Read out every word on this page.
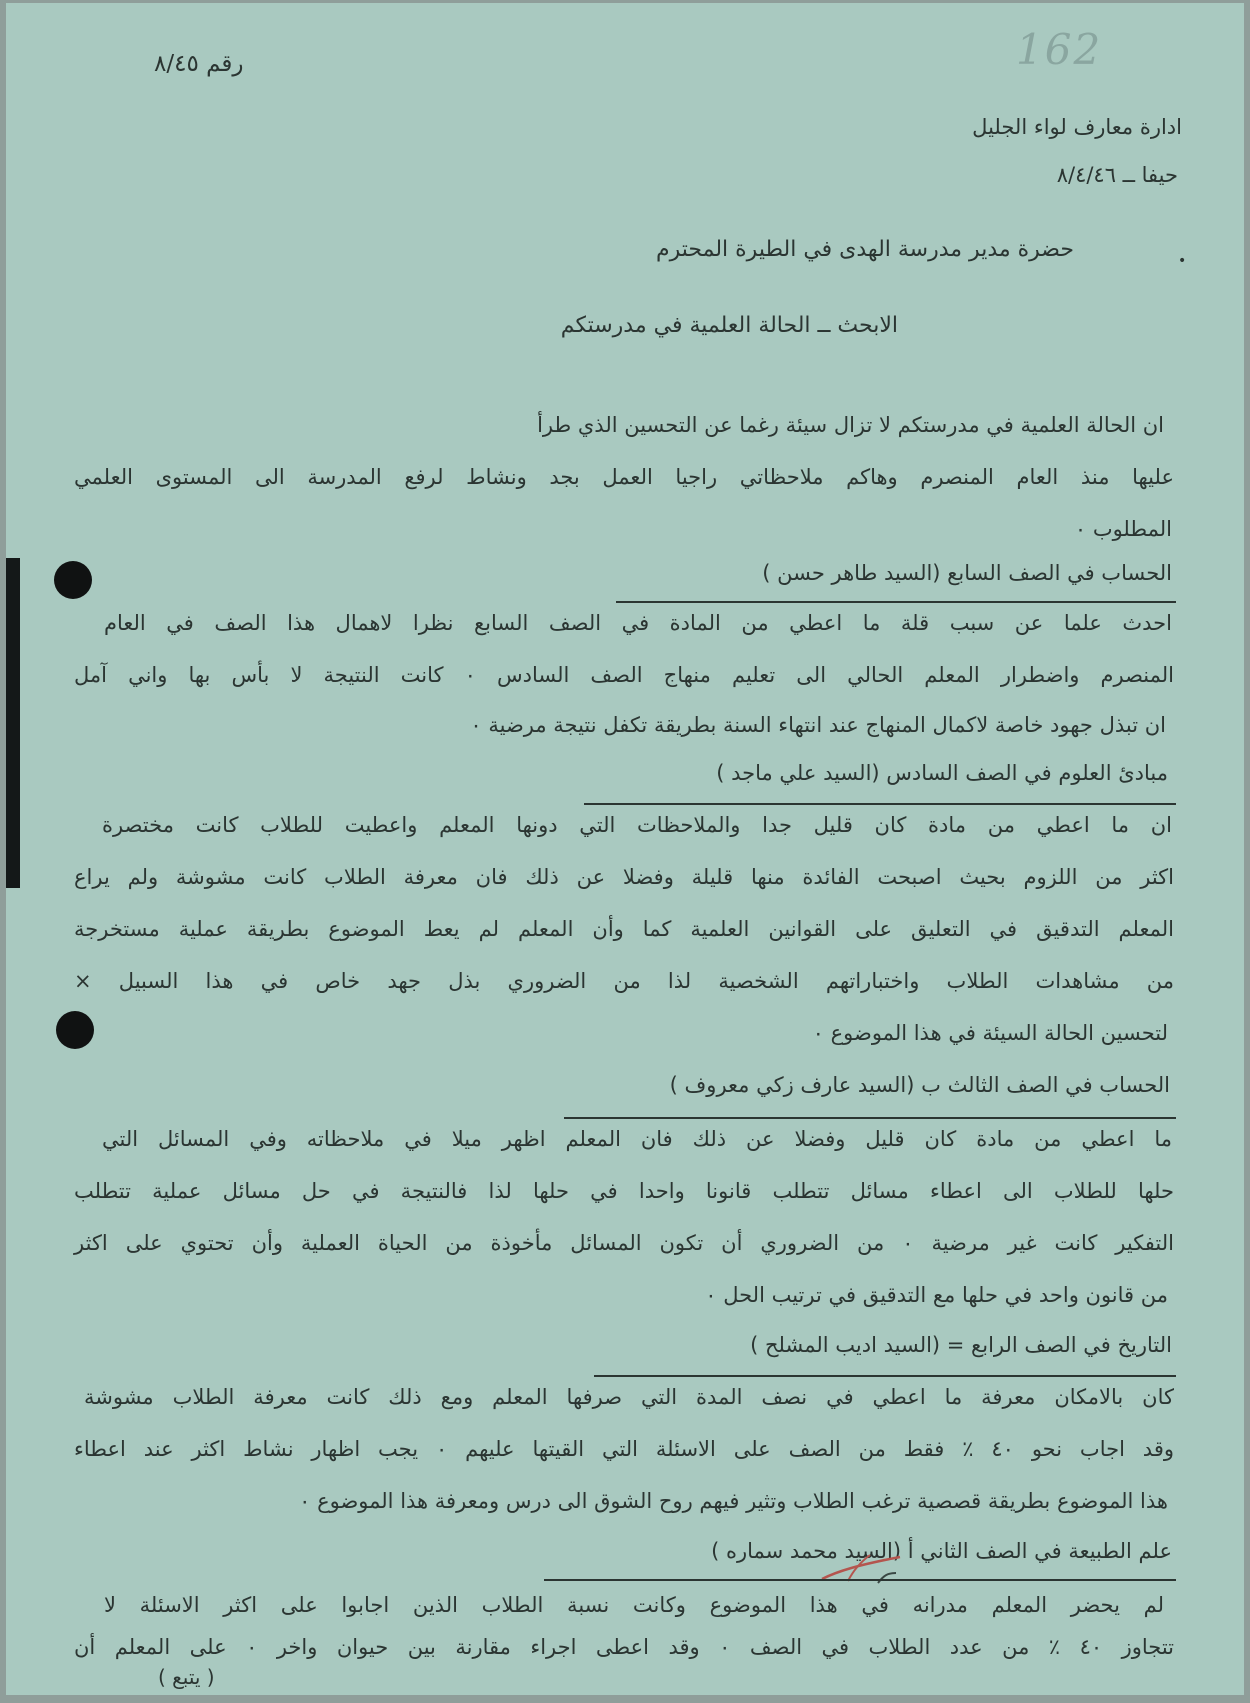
رقم ٨/٤٥	162
ادارة معارف لواء الجليل
حيفا ــ ٨/٤/٤٦
•
حضرة مدير مدرسة الهدى في الطيرة المحترم
الابحث ــ الحالة العلمية في مدرستكم
ان الحالة العلمية في مدرستكم لا تزال سيئة رغما عن التحسين الذي طرأ
عليها منذ العام المنصرم وهاكم ملاحظاتي راجيا العمل بجد ونشاط لرفع المدرسة الى المستوى العلمي
المطلوب ٠
الحساب في الصف السابع (السيد طاهر حسن )
احدث علما عن سبب قلة ما اعطي من المادة في الصف السابع نظرا لاهمال هذا الصف في العام
المنصرم واضطرار المعلم الحالي الى تعليم منهاج الصف السادس ٠ كانت النتيجة لا بأس بها واني آمل
ان تبذل جهود خاصة لاكمال المنهاج عند انتهاء السنة بطريقة تكفل نتيجة مرضية ٠
مبادئ العلوم في الصف السادس (السيد علي ماجد )
ان ما اعطي من مادة كان قليل جدا والملاحظات التي دونها المعلم واعطيت للطلاب كانت مختصرة
اكثر من اللزوم بحيث اصبحت الفائدة منها قليلة وفضلا عن ذلك فان معرفة الطلاب كانت مشوشة ولم يراع
المعلم التدقيق في التعليق على القوانين العلمية كما وأن المعلم لم يعط الموضوع بطريقة عملية مستخرجة
من مشاهدات الطلاب واختباراتهم الشخصية لذا من الضروري بذل جهد خاص في هذا السبيل ×
لتحسين الحالة السيئة في هذا الموضوع ٠
الحساب في الصف الثالث ب (السيد عارف زكي معروف )
ما اعطي من مادة كان قليل وفضلا عن ذلك فان المعلم اظهر ميلا في ملاحظاته وفي المسائل التي
حلها للطلاب الى اعطاء مسائل تتطلب قانونا واحدا في حلها لذا فالنتيجة في حل مسائل عملية تتطلب
التفكير كانت غير مرضية ٠ من الضروري أن تكون المسائل مأخوذة من الحياة العملية وأن تحتوي على اكثر
من قانون واحد في حلها مع التدقيق في ترتيب الحل ٠
التاريخ في الصف الرابع = (السيد اديب المشلح )
كان بالامكان معرفة ما اعطي في نصف المدة التي صرفها المعلم ومع ذلك كانت معرفة الطلاب مشوشة
وقد اجاب نحو ٤٠ ٪ فقط من الصف على الاسئلة التي القيتها عليهم ٠ يجب اظهار نشاط اكثر عند اعطاء
هذا الموضوع بطريقة قصصية ترغب الطلاب وتثير فيهم روح الشوق الى درس ومعرفة هذا الموضوع ٠
علم الطبيعة في الصف الثاني أ (السيد محمد سماره )
لم يحضر المعلم مدرانه في هذا الموضوع وكانت نسبة الطلاب الذين اجابوا على اكثر الاسئلة لا
تتجاوز ٤٠ ٪ من عدد الطلاب في الصف ٠ وقد اعطى اجراء مقارنة بين حيوان واخر ٠ على المعلم أن
( يتبع )
